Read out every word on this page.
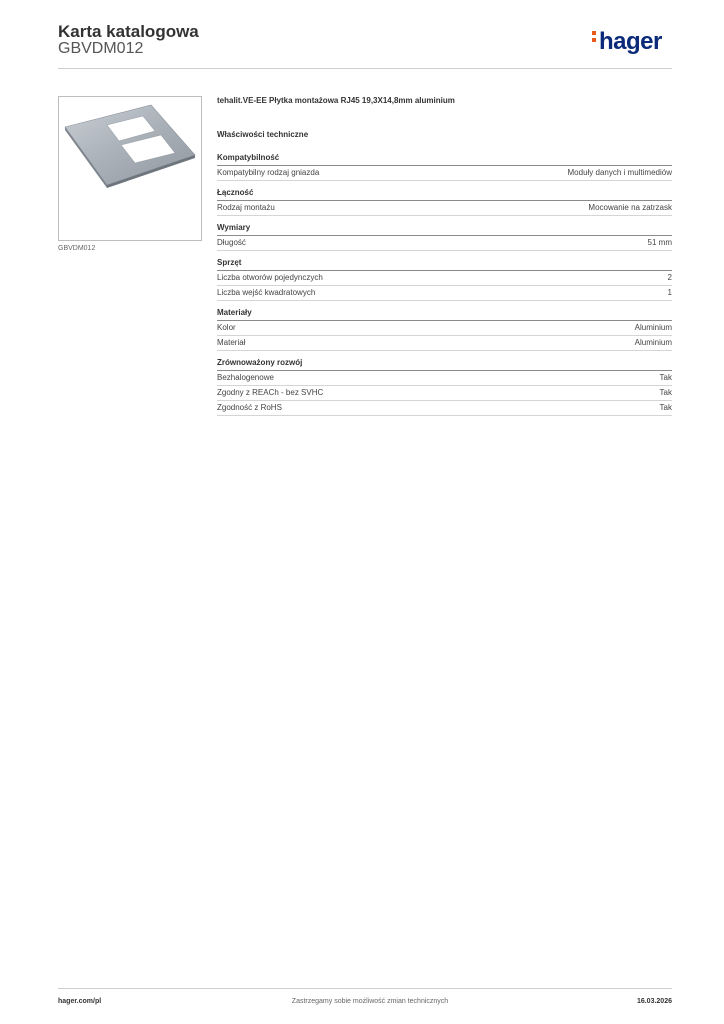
Karta katalogowa
GBVDM012	hager
GBVDM012
tehalit.VE-EE Płytka montażowa RJ45 19,3X14,8mm aluminium
Właściwości techniczne
Kompatybilność
Kompatybilny rodzaj gniazda	Moduły danych i multimediów
Łączność
Rodzaj montażu	Mocowanie na zatrzask
Wymiary
Długość	51 mm
Sprzęt
Liczba otworów pojedynczych	2
Liczba wejść kwadratowych	1
Materiały
Kolor	Aluminium
Materiał	Aluminium
Zrównoważony rozwój
Bezhalogenowe	Tak
Zgodny z REACh - bez SVHC	Tak
Zgodność z RoHS	Tak
hager.com/pl	Zastrzegamy sobie możliwość zmian technicznych	16.03.2026
